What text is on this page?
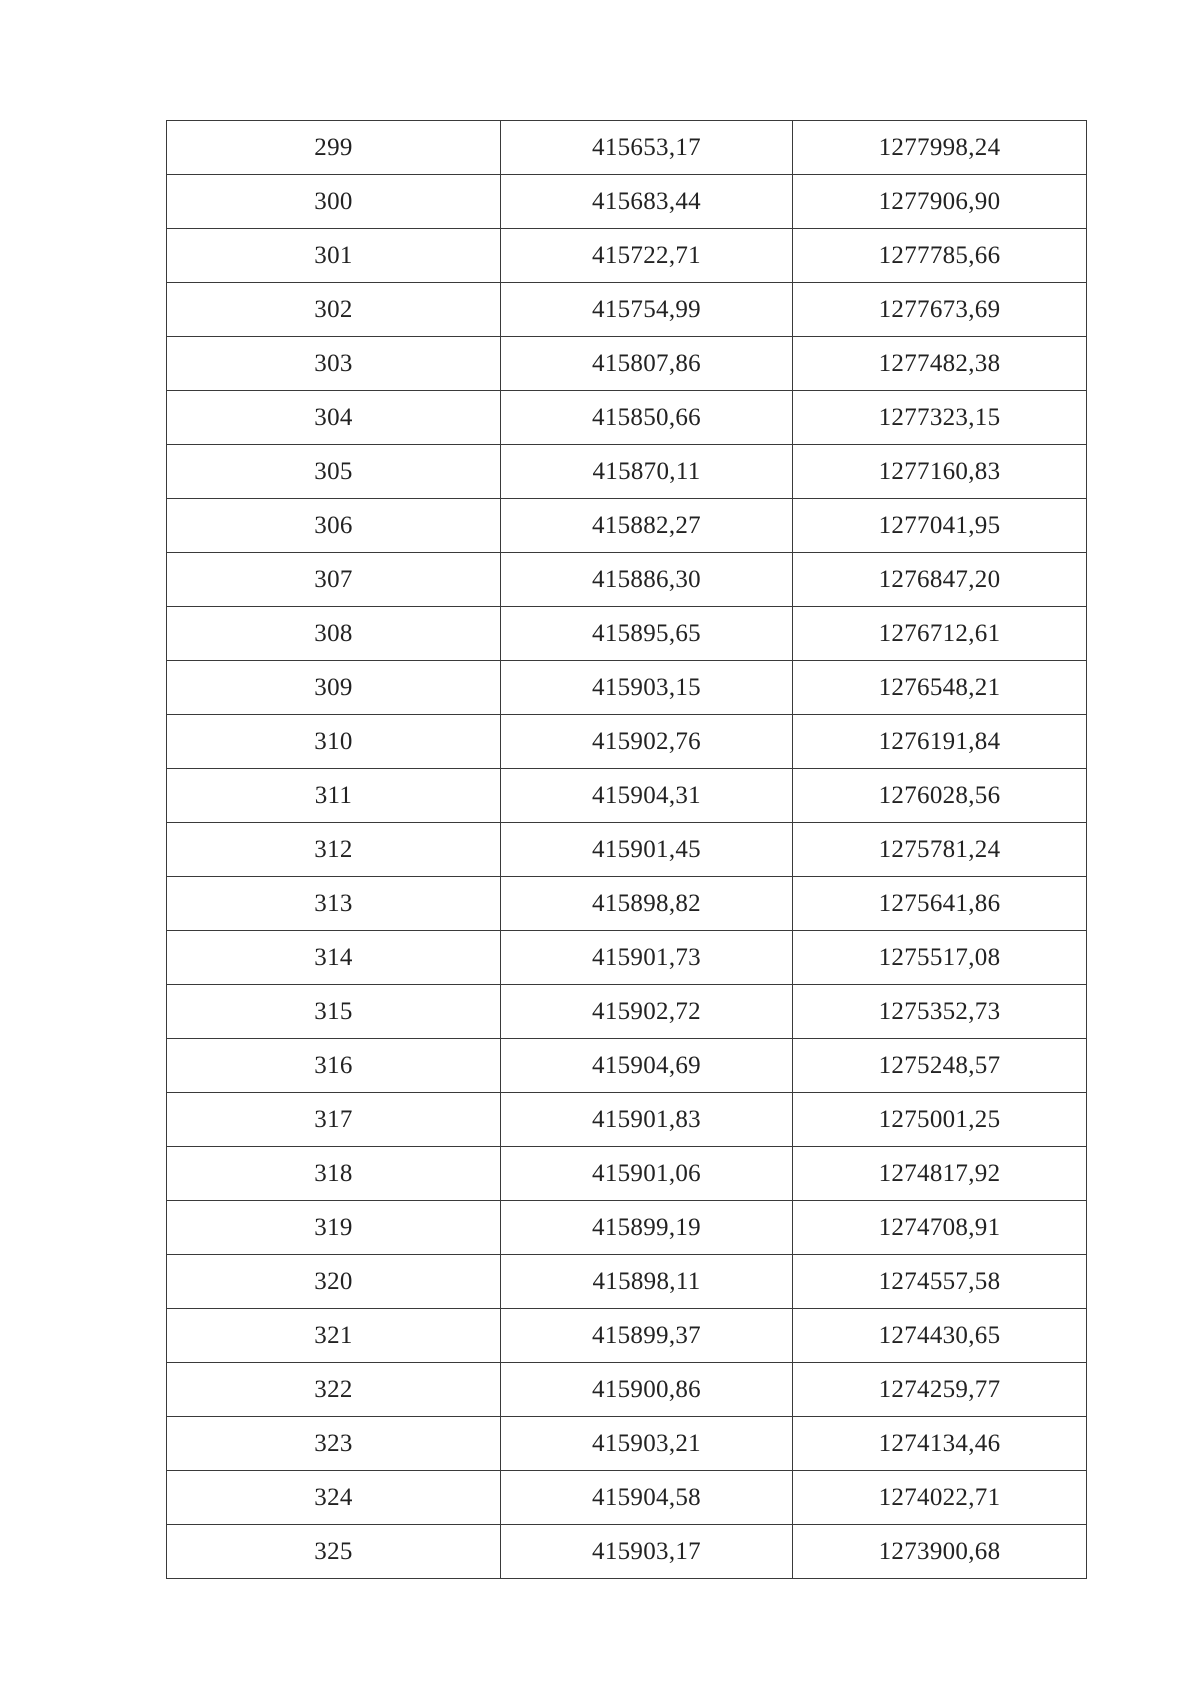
299	415653,17	1277998,24
300	415683,44	1277906,90
301	415722,71	1277785,66
302	415754,99	1277673,69
303	415807,86	1277482,38
304	415850,66	1277323,15
305	415870,11	1277160,83
306	415882,27	1277041,95
307	415886,30	1276847,20
308	415895,65	1276712,61
309	415903,15	1276548,21
310	415902,76	1276191,84
311	415904,31	1276028,56
312	415901,45	1275781,24
313	415898,82	1275641,86
314	415901,73	1275517,08
315	415902,72	1275352,73
316	415904,69	1275248,57
317	415901,83	1275001,25
318	415901,06	1274817,92
319	415899,19	1274708,91
320	415898,11	1274557,58
321	415899,37	1274430,65
322	415900,86	1274259,77
323	415903,21	1274134,46
324	415904,58	1274022,71
325	415903,17	1273900,68
